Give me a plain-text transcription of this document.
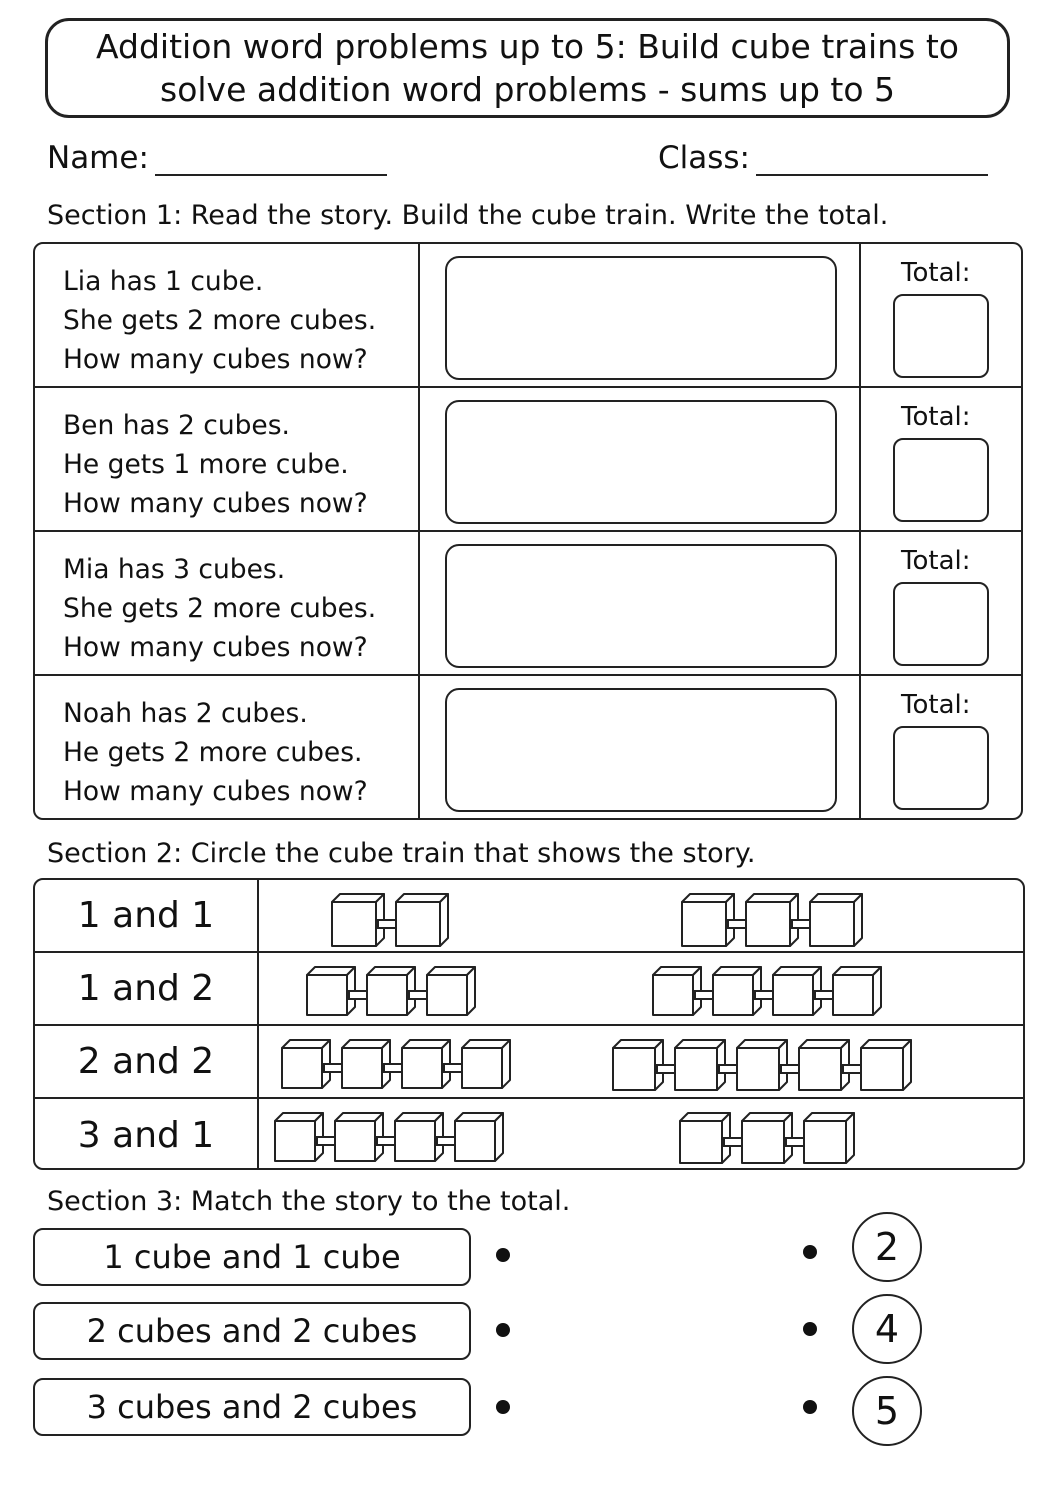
Addition word problems up to 5: Build cube trains to
solve addition word problems - sums up to 5
Name:	Class:
Section 1: Read the story. Build the cube train. Write the total.
Lia has 1 cube.
She gets 2 more cubes.
How many cubes now?
Total:
Ben has 2 cubes.
He gets 1 more cube.
How many cubes now?
Total:
Mia has 3 cubes.
She gets 2 more cubes.
How many cubes now?
Total:
Noah has 2 cubes.
He gets 2 more cubes.
How many cubes now?
Total:
Section 2: Circle the cube train that shows the story.
1 and 1
1 and 2
2 and 2
3 and 1
Section 3: Match the story to the total.
1 cube and 1 cube
2 cubes and 2 cubes
3 cubes and 2 cubes
2
4
5
